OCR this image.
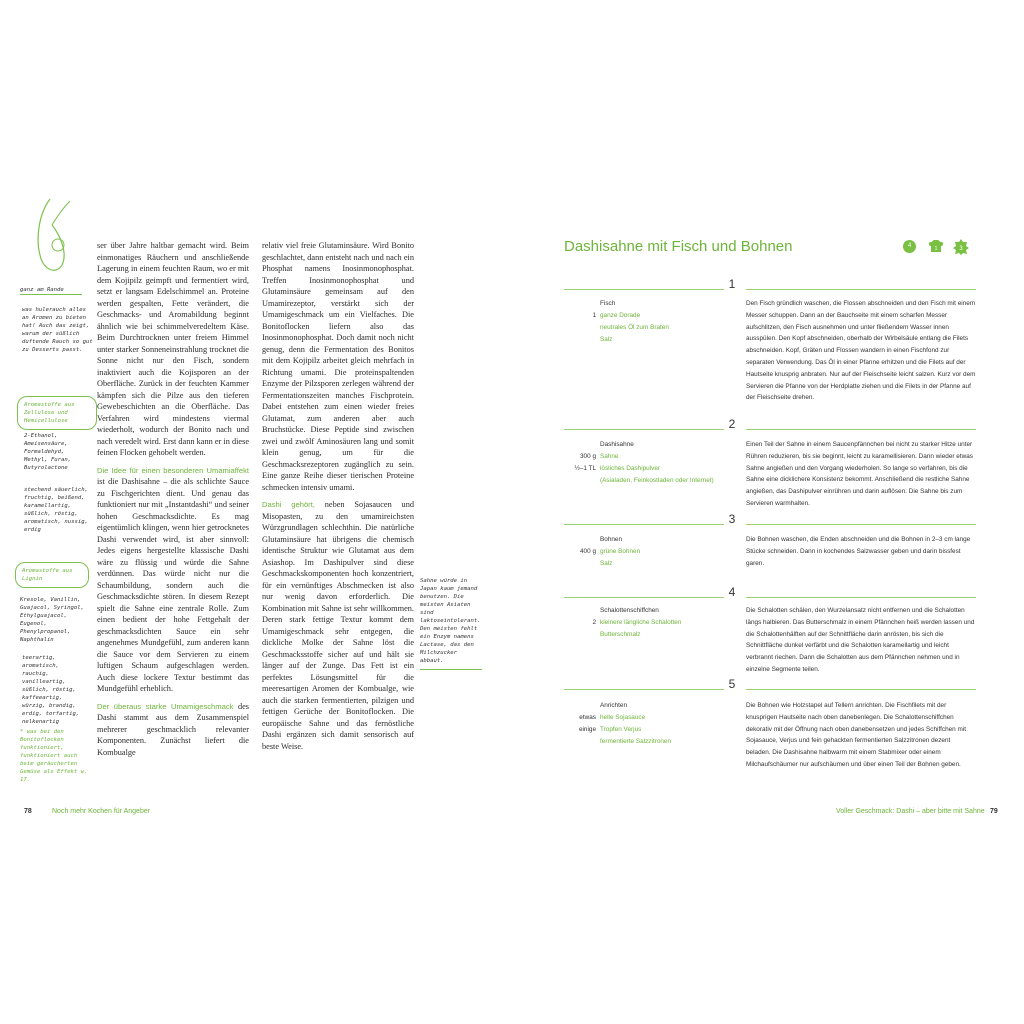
ganz am Rande
was hulerauch alles an Aromen zu bieten hat! Auch das zeigt, warum der süßlich duftende Rauch so gut zu Desserts passt.
Aromastoffe aus Zellulose und Hemicellulose
2-Ethanol, Ameisensäure, Formaldehyd, Methyl, Furan, Butyrolactone
stechend säuerlich, fruchtig, beißend, karamellartig, süßlich, röstig, aromatisch, nussig, erdig
Aromastoffe aus Lignin
Kresole, Vanillin, Guajacol, Syringol, Ethylguajacol, Eugenol, Phenylpropanol, Naphthalin
teerartig, aromatisch, rauchig, vanilleartig, süßlich, röstig, kaffeeartig, würzig, brandig, erdig, torfartig, nelkenartig
* was bei den Bonitoflocken funktioniert, funktioniert auch beim geräucherten Gemüse als Effekt w. 17.
ser über Jahre haltbar gemacht wird. Beim einmonatiges Räuchern und anschließende Lagerung in einem feuchten Raum, wo er mit dem Kojipilz geimpft und fermentiert wird, setzt er langsam Edelschimmel an. Proteine werden gespalten, Fette verändert, die Geschmacks- und Aromabildung beginnt ähnlich wie bei schimmelveredeltem Käse. Beim Durchtrocknen unter freiem Himmel unter starker Sonneneinstrahlung trocknet die Sonne nicht nur den Fisch, sondern inaktiviert auch die Kojisporen an der Oberfläche. Zurück in der feuchten Kammer kämpfen sich die Pilze aus den tieferen Gewebeschichten an die Oberfläche. Das Verfahren wird mindestens viermal wiederholt, wodurch der Bonito nach und nach veredelt wird. Erst dann kann er in diese feinen Flocken gehobelt werden.
Die Idee für einen besonderen Umamiaffekt ist die Dashisahne – die als schlichte Sauce zu Fischgerichten dient. Und genau das funktioniert nur mit „Instantdashi“ und seiner hohen Geschmacksdichte. Es mag eigentümlich klingen, wenn hier getrocknetes Dashi verwendet wird, ist aber sinnvoll: Jedes eigens hergestellte klassische Dashi wäre zu flüssig und würde die Sahne verdünnen. Das würde nicht nur die Schaumbildung, sondern auch die Geschmacksdichte stören. In diesem Rezept spielt die Sahne eine zentrale Rolle. Zum einen bedient der hohe Fettgehalt der geschmacksdichten Sauce ein sehr angenehmes Mundgefühl, zum anderen kann die Sauce vor dem Servieren zu einem luftigen Schaum aufgeschlagen werden. Auch diese lockere Textur bestimmt das Mundgefühl erheblich.
Der überaus starke Umamigeschmack des Dashi stammt aus dem Zusammenspiel mehrerer geschmacklich relevanter Komponenten. Zunächst liefert die Kombualge
relativ viel freie Glutaminsäure. Wird Bonito geschlachtet, dann entsteht nach und nach ein Phosphat namens Inosinmonophosphat. Treffen Inosinmonophosphat und Glutaminsäure gemeinsam auf den Umamirezeptor, verstärkt sich der Umamigeschmack um ein Vielfaches. Die Bonitoflocken liefern also das Inosinmonophosphat. Doch damit noch nicht genug, denn die Fermentation des Bonitos mit dem Kojipilz arbeitet gleich mehrfach in Richtung umami. Die proteinspaltenden Enzyme der Pilzsporen zerlegen während der Fermentationszeiten manches Fischprotein. Dabei entstehen zum einen wieder freies Glutamat, zum anderen aber auch Bruchstücke. Diese Peptide sind zwischen zwei und zwölf Aminosäuren lang und somit klein genug, um für die Geschmacksrezeptoren zugänglich zu sein. Eine ganze Reihe dieser tierischen Proteine schmecken intensiv umami.
Dashi gehört, neben Sojasaucen und Misopasten, zu den umamireichsten Würzgrundlagen schlechthin. Die natürliche Glutaminsäure hat übrigens die chemisch identische Struktur wie Glutamat aus dem Asiashop. Im Dashipulver sind diese Geschmackskomponenten hoch konzentriert, für ein vernünftiges Abschmecken ist also nur wenig davon erforderlich. Die Kombination mit Sahne ist sehr willkommen. Deren stark fettige Textur kommt dem Umamigeschmack sehr entgegen, die dickliche Molke der Sahne löst die Geschmacksstoffe sicher auf und hält sie länger auf der Zunge. Das Fett ist ein perfektes Lösungsmittel für die meeresartigen Aromen der Kombualge, wie auch die starken fermentierten, pilzigen und fettigen Gerüche der Bonitoflocken. Die europäische Sahne und das fernöstliche Dashi ergänzen sich damit sensorisch auf beste Weise.
Sahne würde in Japan kaum jemand benutzen. Die meisten Asiaten sind laktoseintolerant. Den meisten fehlt ein Enzym namens Lactase, das den Milchzucker abbaut.
78	Noch mehr Kochen für Angeber
Dashisahne mit Fisch und Bohnen	4	1	3
1
Fisch
1 ganze Dorade
neutrales Öl zum Braten
Salz
Den Fisch gründlich waschen, die Flossen abschneiden und den Fisch mit einem Messer schuppen. Dann an der Bauchseite mit einem scharfen Messer aufschlitzen, den Fisch ausnehmen und unter fließendem Wasser innen ausspülen. Den Kopf abschneiden, oberhalb der Wirbelsäule entlang die Filets abschneiden. Kopf, Gräten und Flossen wandern in einen Fischfond zur separaten Verwendung. Das Öl in einer Pfanne erhitzen und die Filets auf der Hautseite knusprig anbraten. Nur auf der Fleischseite leicht salzen. Kurz vor dem Servieren die Pfanne von der Herdplatte ziehen und die Filets in der Pfanne auf der Fleischseite drehen.
2
Dashisahne
300 g Sahne
½–1 TL lösliches Dashipulver
(Asialaden, Feinkostladen oder Internet)
Einen Teil der Sahne in einem Saucenpfännchen bei nicht zu starker Hitze unter Rühren reduzieren, bis sie beginnt, leicht zu karamellisieren. Dann wieder etwas Sahne angießen und den Vorgang wiederholen. So lange so verfahren, bis die Sahne eine dicklichere Konsistenz bekommt. Anschließend die restliche Sahne angießen, das Dashipulver einrühren und darin auflösen. Die Sahne bis zum Servieren warmhalten.
3
Bohnen
400 g grüne Bohnen
Salz
Die Bohnen waschen, die Enden abschneiden und die Bohnen in 2–3 cm lange Stücke schneiden. Dann in kochendes Salzwasser geben und darin bissfest garen.
4
Schalottenschiffchen
2 kleinere längliche Schalotten
Butterschmalz
Die Schalotten schälen, den Wurzelansatz nicht entfernen und die Schalotten längs halbieren. Das Butterschmalz in einem Pfännchen heiß werden lassen und die Schalottenhälften auf der Schnittfläche darin anrösten, bis sich die Schnittfläche dunkel verfärbt und die Schalotten karamellartig und leicht verbrannt riechen. Dann die Schalotten aus dem Pfännchen nehmen und in einzelne Segmente teilen.
5
Anrichten
etwas helle Sojasauce
einige Tropfen Verjus
fermentierte Salzzitronen
Die Bohnen wie Holzstapel auf Tellern anrichten. Die Fischfilets mit der knusprigen Hautseite nach oben danebenlegen. Die Schalottenschiffchen dekorativ mit der Öffnung nach oben danebensetzen und jedes Schiffchen mit Sojasauce, Verjus und fein gehackten fermentierten Salzzitronen dezent beladen. Die Dashisahne halbwarm mit einem Stabmixer oder einem Milchaufschäumer nur aufschäumen und über einen Teil der Bohnen geben.
Voller Geschmack: Dashi – aber bitte mit Sahne 79
